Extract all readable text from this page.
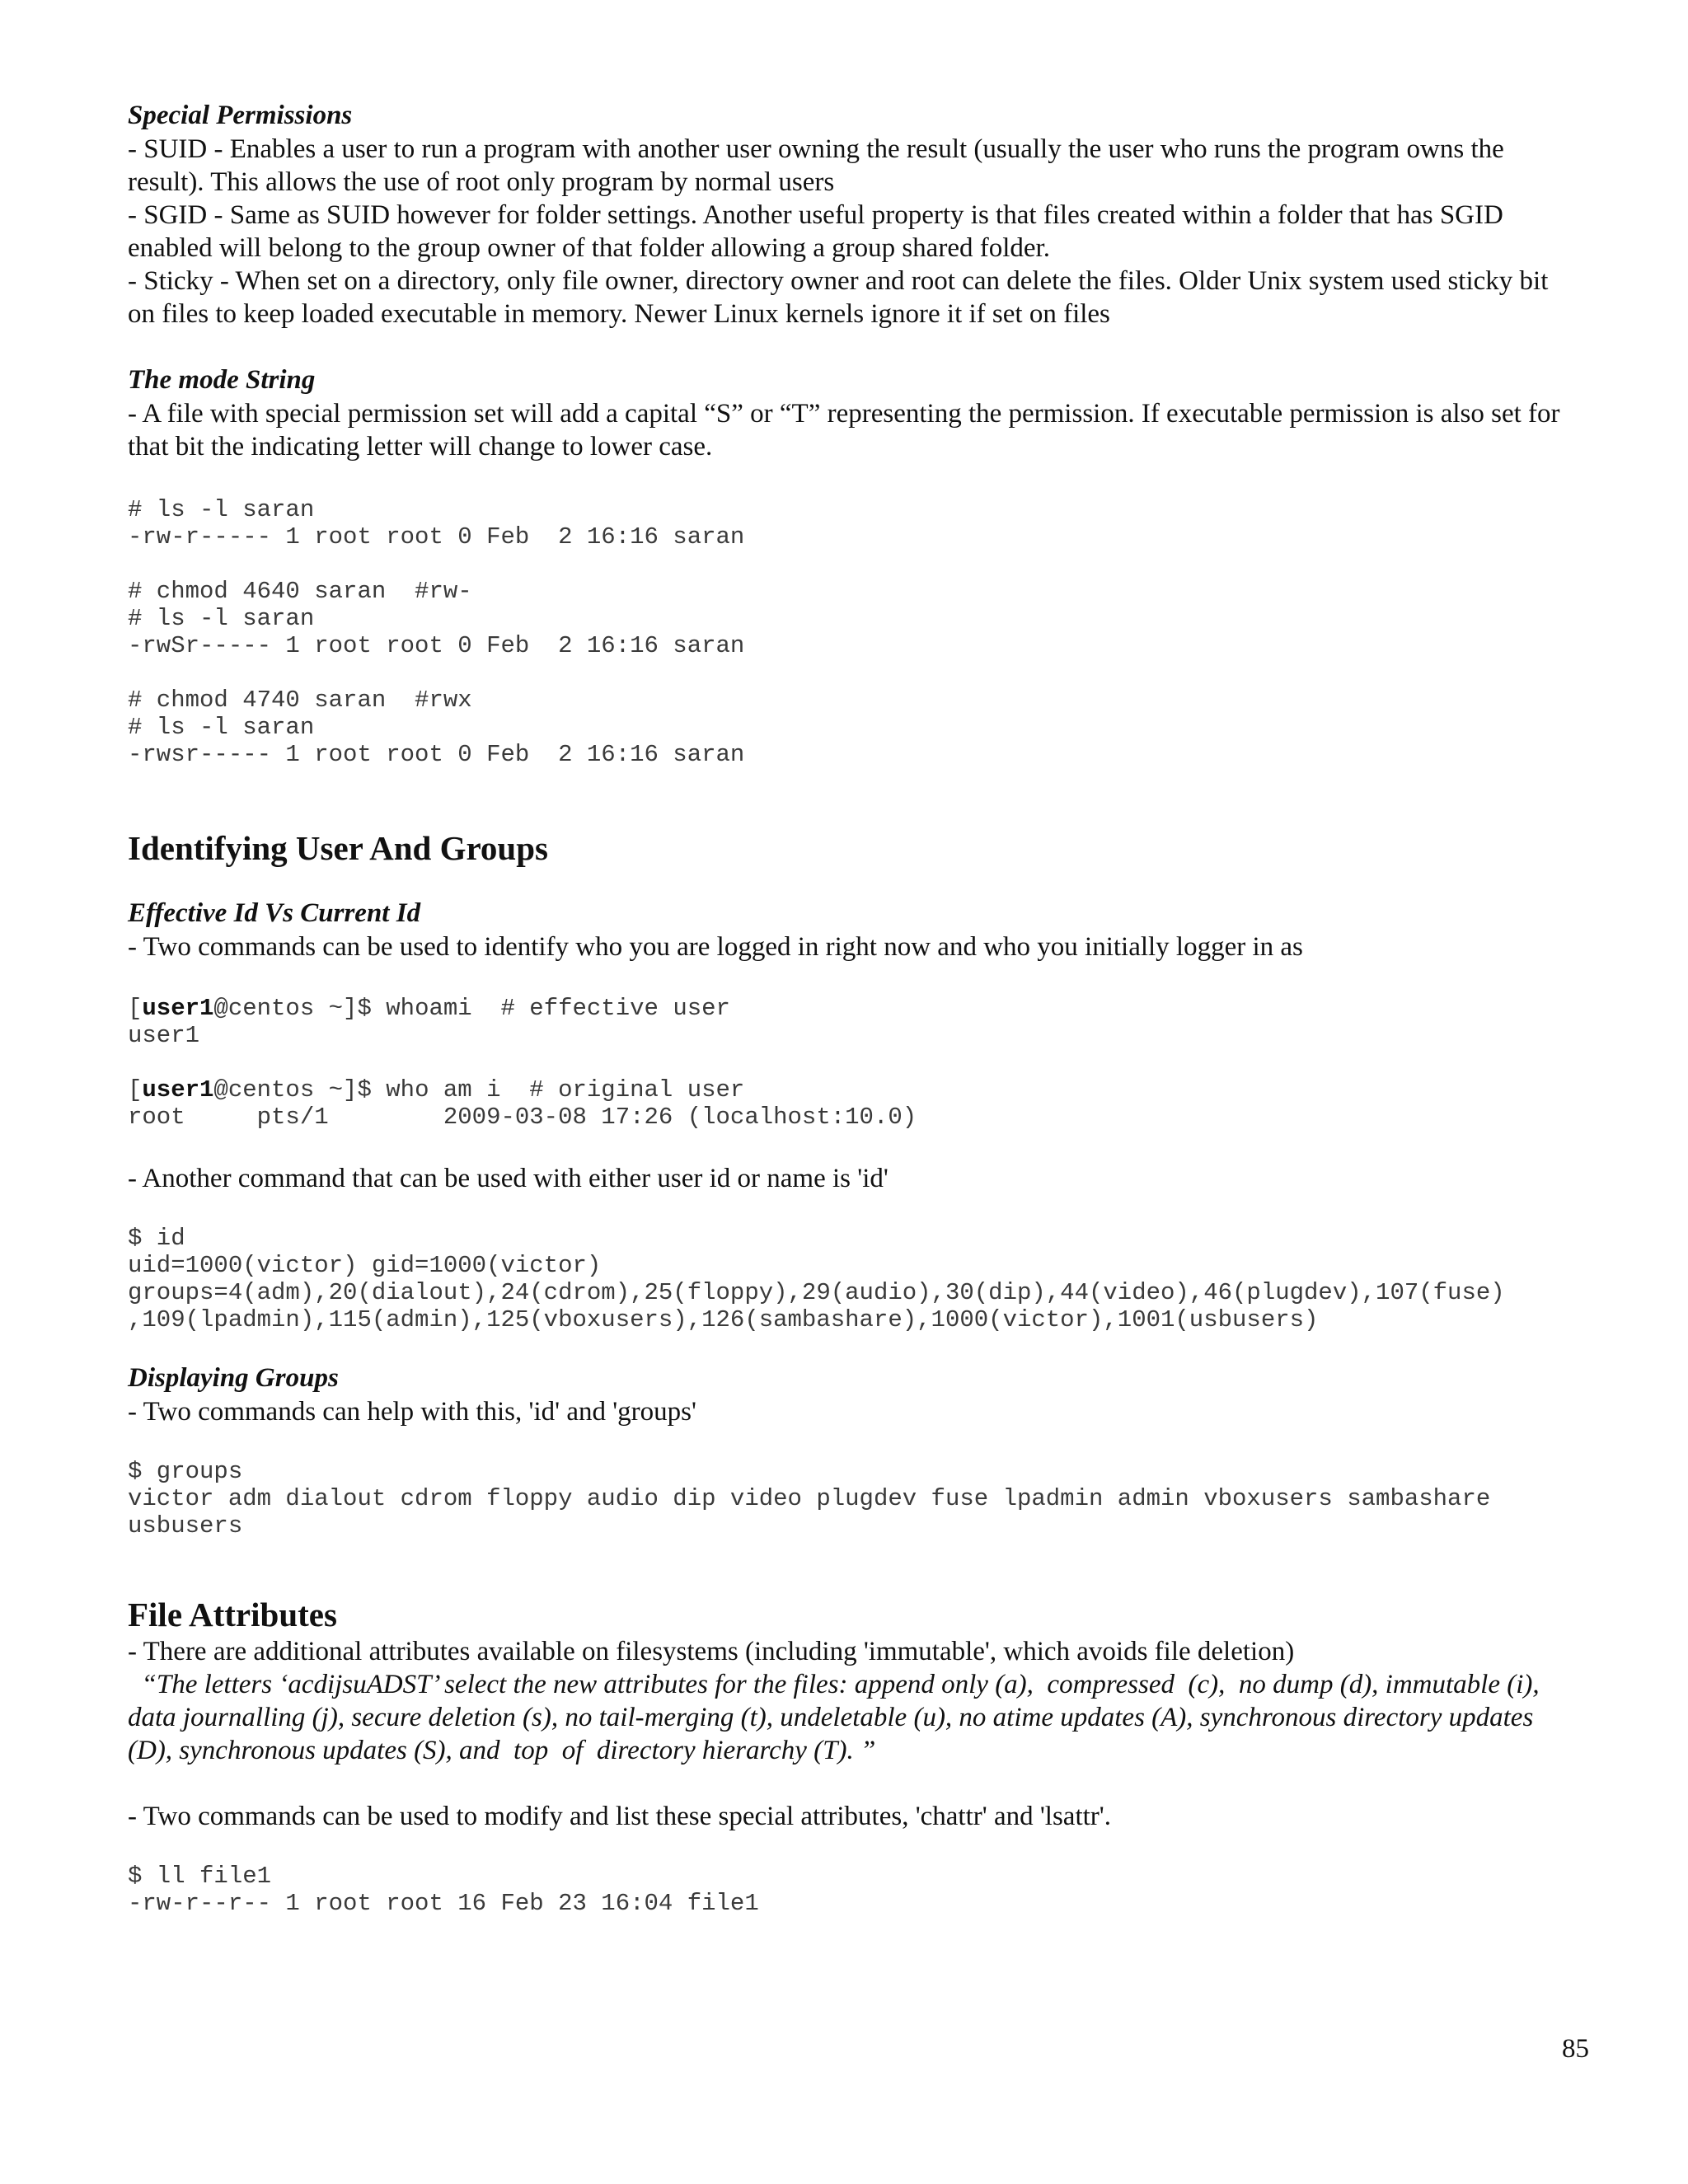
Special Permissions

- SUID - Enables a user to run a program with another user owning the result (usually the user who runs the program owns the result). This allows the use of root only program by normal users

- SGID - Same as SUID however for folder settings. Another useful property is that files created within a folder that has SGID enabled will belong to the group owner of that folder allowing a group shared folder.

- Sticky - When set on a directory, only file owner, directory owner and root can delete the files. Older Unix system used sticky bit on files to keep loaded executable in memory. Newer Linux kernels ignore it if set on files

The mode String

- A file with special permission set will add a capital “S” or “T” representing the permission. If executable permission is also set for that bit the indicating letter will change to lower case.

# ls -l saran

-rw-r----- 1 root root 0 Feb  2 16:16 saran

# chmod 4640 saran  #rw-

# ls -l saran

-rwSr----- 1 root root 0 Feb  2 16:16 saran

# chmod 4740 saran  #rwx

# ls -l saran

-rwsr----- 1 root root 0 Feb  2 16:16 saran

Identifying User And Groups

Effective Id Vs Current Id

- Two commands can be used to identify who you are logged in right now and who you initially logger in as

[user1@centos ~]$ whoami  # effective user

user1

[user1@centos ~]$ who am i  # original user

root     pts/1        2009-03-08 17:26 (localhost:10.0)

- Another command that can be used with either user id or name is 'id'

$ id

uid=1000(victor) gid=1000(victor)

groups=4(adm),20(dialout),24(cdrom),25(floppy),29(audio),30(dip),44(video),46(plugdev),107(fuse)

,109(lpadmin),115(admin),125(vboxusers),126(sambashare),1000(victor),1001(usbusers)

Displaying Groups

- Two commands can help with this, 'id' and 'groups'

$ groups

victor adm dialout cdrom floppy audio dip video plugdev fuse lpadmin admin vboxusers sambashare

usbusers

File Attributes

- There are additional attributes available on filesystems (including 'immutable', which avoids file deletion)

“The letters ‘acdijsuADST’ select the new attributes for the files: append only (a),  compressed  (c),  no dump (d), immutable (i), data journalling (j), secure deletion (s), no tail-merging (t), undeletable (u), no atime updates (A), synchronous directory updates (D), synchronous updates (S), and  top  of  directory hierarchy (T). ”

- Two commands can be used to modify and list these special attributes, 'chattr' and 'lsattr'.

$ ll file1

-rw-r--r-- 1 root root 16 Feb 23 16:04 file1

85
